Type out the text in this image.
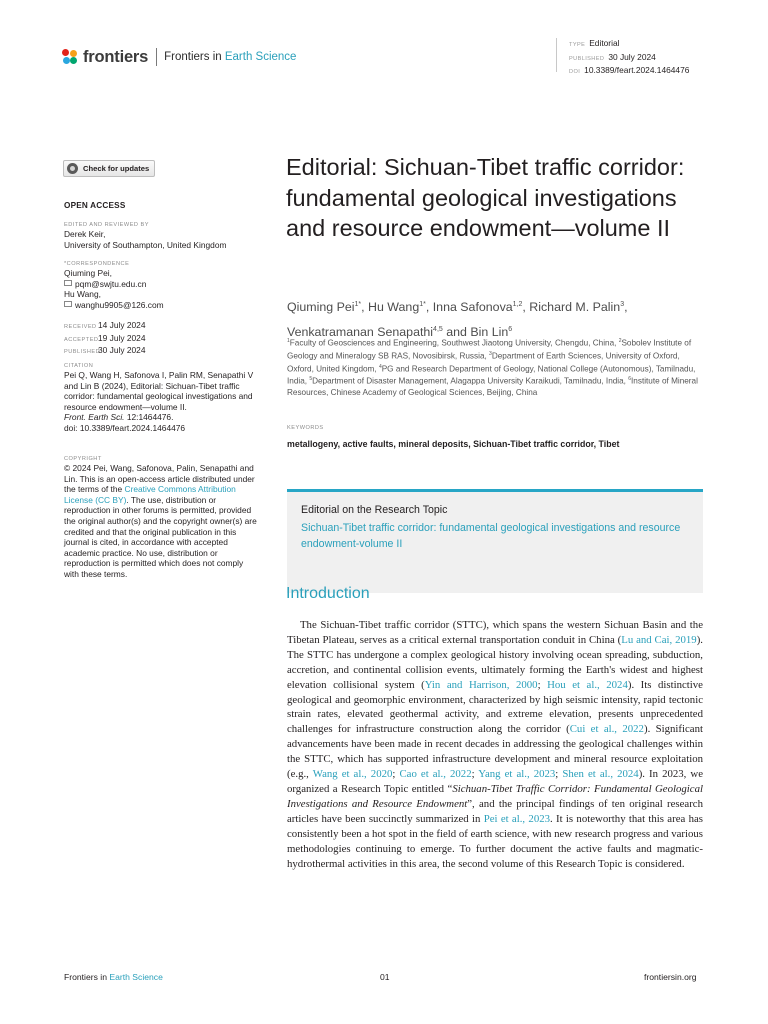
frontiers Frontiers in Earth Science
TYPE Editorial
PUBLISHED 30 July 2024
DOI 10.3389/feart.2024.1464476
Check for updates
OPEN ACCESS
EDITED AND REVIEWED BY
Derek Keir,
University of Southampton, United Kingdom
*CORRESPONDENCE
Qiuming Pei,
pqm@swjtu.edu.cn
Hu Wang,
wanghu9905@126.com
RECEIVED14 July 2024
ACCEPTED19 July 2024
PUBLISHED30 July 2024
CITATION
Pei Q, Wang H, Safonova I, Palin RM, Senapathi V and Lin B (2024), Editorial: Sichuan-Tibet traffic corridor: fundamental geological investigations and resource endowment—volume II.
Front. Earth Sci. 12:1464476.
doi: 10.3389/feart.2024.1464476
COPYRIGHT
© 2024 Pei, Wang, Safonova, Palin, Senapathi and Lin. This is an open-access article distributed under the terms of the Creative Commons Attribution License (CC BY). The use, distribution or reproduction in other forums is permitted, provided the original author(s) and the copyright owner(s) are credited and that the original publication in this journal is cited, in accordance with accepted academic practice. No use, distribution or reproduction is permitted which does not comply with these terms.
Editorial: Sichuan-Tibet traffic corridor: fundamental geological investigations and resource endowment—volume II
Qiuming Pei$^{1*}$, Hu Wang$^{1*}$, Inna Safonova$^{1,2}$, Richard M. Palin$^3$, Venkatramanan Senapathi$^{4,5}$ and Bin Lin$^6$
$^1$Faculty of Geosciences and Engineering, Southwest Jiaotong University, Chengdu, China, $^2$Sobolev Institute of Geology and Mineralogy SB RAS, Novosibirsk, Russia, $^3$Department of Earth Sciences, University of Oxford, Oxford, United Kingdom, $^4$PG and Research Department of Geology, National College (Autonomous), Tamilnadu, India, $^5$Department of Disaster Management, Alagappa University Karaikudi, Tamilnadu, India, $^6$Institute of Mineral Resources, Chinese Academy of Geological Sciences, Beijing, China
KEYWORDS
metallogeny, active faults, mineral deposits, Sichuan-Tibet traffic corridor, Tibet
Editorial on the Research Topic
Sichuan-Tibet traffic corridor: fundamental geological investigations and resource endowment-volume II
Introduction

The Sichuan-Tibet traffic corridor (STTC), which spans the western Sichuan Basin and the Tibetan Plateau, serves as a critical external transportation conduit in China (Lu and Cai, 2019). The STTC has undergone a complex geological history involving ocean spreading, subduction, accretion, and continental collision events, ultimately forming the Earth's widest and highest elevation collisional system (Yin and Harrison, 2000; Hou et al., 2024). Its distinctive geological and geomorphic environment, characterized by high seismic intensity, rapid tectonic strain rates, elevated geothermal activity, and extreme elevation, presents unprecedented challenges for infrastructure construction along the corridor (Cui et al., 2022). Significant advancements have been made in recent decades in addressing the geological challenges within the STTC, which has supported infrastructure development and mineral resource exploitation (e.g., Wang et al., 2020; Cao et al., 2022; Yang et al., 2023; Shen et al., 2024). In 2023, we organized a Research Topic entitled “Sichuan-Tibet Traffic Corridor: Fundamental Geological Investigations and Resource Endowment”, and the principal findings of ten original research articles have been succinctly summarized in Pei et al., 2023. It is noteworthy that this area has consistently been a hot spot in the field of earth science, with new research progress and various methodologies continuing to emerge. To further document the active faults and magmatic-hydrothermal activities in this area, the second volume of this Research Topic is considered.

Frontiers in Earth Science	01	frontiersin.org
